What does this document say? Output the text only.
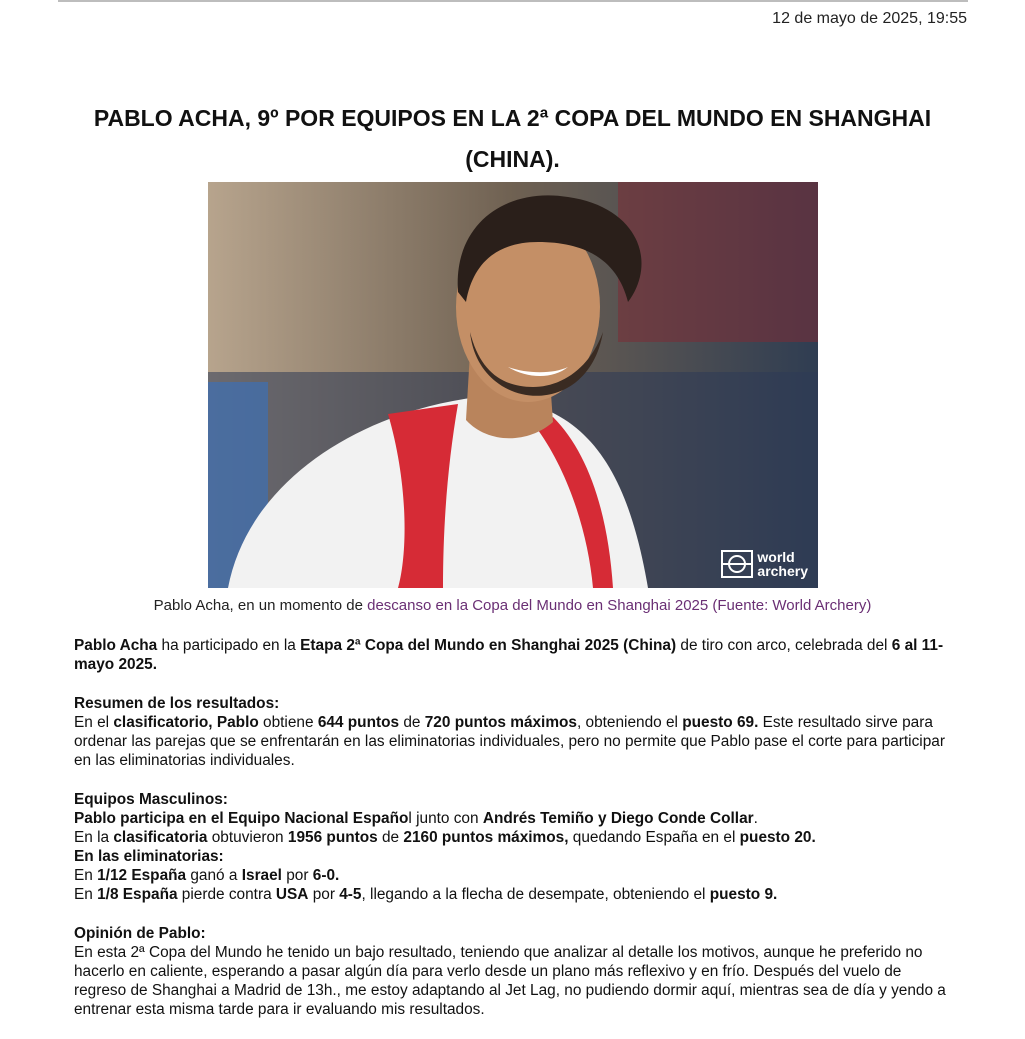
12 de mayo de 2025, 19:55
PABLO ACHA, 9º POR EQUIPOS EN LA 2ª COPA DEL MUNDO EN SHANGHAI (CHINA).
world
archery
Pablo Acha, en un momento de descanso en la Copa del Mundo en Shanghai 2025 (Fuente: World Archery)

Pablo Acha ha participado en la Etapa 2ª Copa del Mundo en Shanghai 2025 (China) de tiro con arco, celebrada del 6 al 11-mayo 2025.

Resumen de los resultados:
En el clasificatorio, Pablo obtiene 644 puntos de 720 puntos máximos, obteniendo el puesto 69. Este resultado sirve para ordenar las parejas que se enfrentarán en las eliminatorias individuales, pero no permite que Pablo pase el corte para participar en las eliminatorias individuales.

Equipos Masculinos:
Pablo participa en el Equipo Nacional Español junto con Andrés Temiño y Diego Conde Collar.
En la clasificatoria obtuvieron 1956 puntos de 2160 puntos máximos, quedando España en el puesto 20.
En las eliminatorias:
En 1/12 España ganó a Israel por 6-0.
En 1/8 España pierde contra USA por 4-5, llegando a la flecha de desempate, obteniendo el puesto 9.

Opinión de Pablo:
En esta 2ª Copa del Mundo he tenido un bajo resultado, teniendo que analizar al detalle los motivos, aunque he preferido no hacerlo en caliente, esperando a pasar algún día para verlo desde un plano más reflexivo y en frío. Después del vuelo de regreso de Shanghai a Madrid de 13h., me estoy adaptando al Jet Lag, no pudiendo dormir aquí, mientras sea de día y yendo a entrenar esta misma tarde para ir evaluando mis resultados.
